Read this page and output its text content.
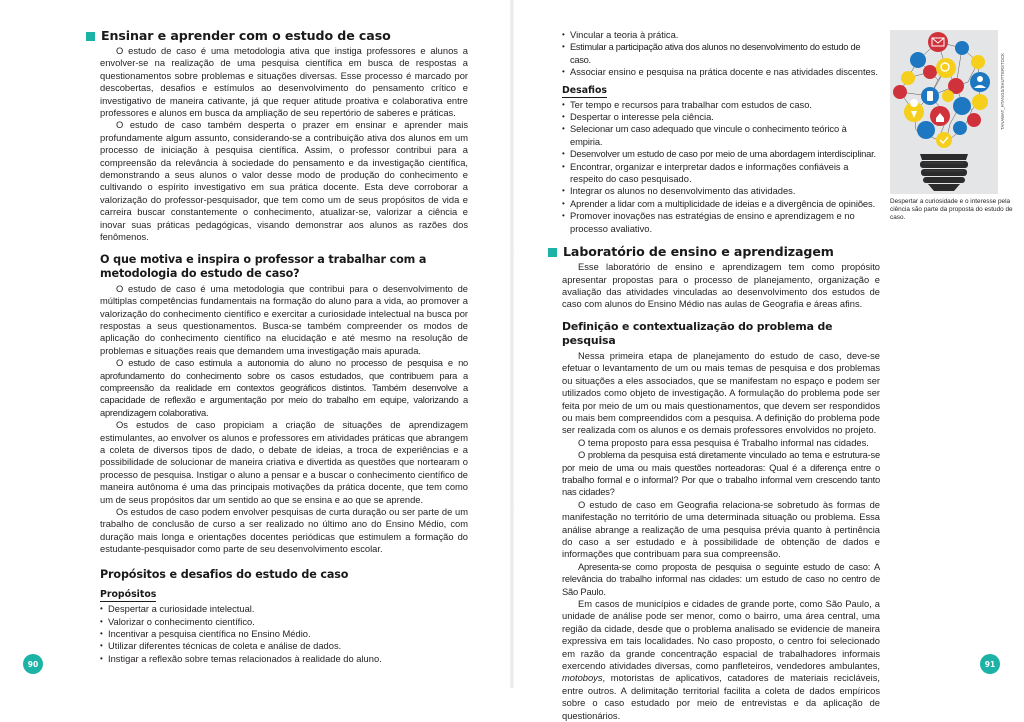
Ensinar e aprender com o estudo de caso

O estudo de caso é uma metodologia ativa que instiga professores e alunos a envolver-se na realização de uma pesquisa científica em busca de respostas a questionamentos sobre problemas e situações diversas. Esse processo é marcado por descobertas, desafios e estímulos ao desenvolvimento do pensamento crítico e investigativo de maneira cativante, já que requer atitude proativa e colaborativa entre professores e alunos em busca da ampliação de seu repertório de saberes e práticas.

O estudo de caso também desperta o prazer em ensinar e aprender mais profundamente algum assunto, considerando-se a contribuição ativa dos alunos em um processo de iniciação à pesquisa científica. Assim, o professor contribui para a compreensão da relevância à sociedade do pensamento e da investigação científica, demonstrando a seus alunos o valor desse modo de produção do conhecimento e cultivando o espírito investigativo em sua prática docente. Esta deve corroborar a valorização do professor-pesquisador, que tem como um de seus propósitos de vida e carreira buscar constantemente o conhecimento, atualizar-se, valorizar a ciência e inovar suas práticas pedagógicas, visando demonstrar aos alunos as razões dos fenômenos.

O que motiva e inspira o professor a trabalhar com a metodologia do estudo de caso?

O estudo de caso é uma metodologia que contribui para o desenvolvimento de múltiplas competências fundamentais na formação do aluno para a vida, ao promover a valorização do conhecimento científico e exercitar a curiosidade intelectual na busca por respostas a seus questionamentos. Busca-se também compreender os modos de aplicação do conhecimento científico na elucidação e até mesmo na resolução de problemas e situações reais que demandem uma investigação mais apurada.

O estudo de caso estimula a autonomia do aluno no processo de pesquisa e no aprofundamento do conhecimento sobre os casos estudados, que contribuem para a compreensão da realidade em contextos geográficos distintos. Também desenvolve a capacidade de reflexão e argumentação por meio do trabalho em equipe, valorizando a aprendizagem colaborativa.

Os estudos de caso propiciam a criação de situações de aprendizagem estimulantes, ao envolver os alunos e professores em atividades práticas que abrangem a coleta de diversos tipos de dado, o debate de ideias, a troca de experiências e a possibilidade de solucionar de maneira criativa e divertida as questões que nortearam o processo de pesquisa. Instigar o aluno a pensar e a buscar o conhecimento científico de maneira autônoma é uma das principais motivações da prática docente, que tem como um de seus propósitos dar um sentido ao que se ensina e ao que se aprende.

Os estudos de caso podem envolver pesquisas de curta duração ou ser parte de um trabalho de conclusão de curso a ser realizado no último ano do Ensino Médio, com duração mais longa e orientações docentes periódicas que estimulem a formação do estudante-pesquisador como parte de seu desenvolvimento escolar.

Propósitos e desafios do estudo de caso
Propósitos
• Despertar a curiosidade intelectual.
• Valorizar o conhecimento científico.
• Incentivar a pesquisa científica no Ensino Médio.
• Utilizar diferentes técnicas de coleta e análise de dados.
• Instigar a reflexão sobre temas relacionados à realidade do aluno.
90
• Vincular a teoria à prática.
• Estimular a participação ativa dos alunos no desenvolvimento do estudo de caso.
• Associar ensino e pesquisa na prática docente e nas atividades discentes.
Desafios
• Ter tempo e recursos para trabalhar com estudos de caso.
• Despertar o interesse pela ciência.
• Selecionar um caso adequado que vincule o conhecimento teórico à empiria.
• Desenvolver um estudo de caso por meio de uma abordagem interdisciplinar.
• Encontrar, organizar e interpretar dados e informações confiáveis a respeito do caso pesquisado.
• Integrar os alunos no desenvolvimento das atividades.
• Aprender a lidar com a multiplicidade de ideias e a divergência de opiniões.
• Promover inovações nas estratégias de ensino e aprendizagem e no processo avaliativo.
Laboratório de ensino e aprendizagem

Esse laboratório de ensino e aprendizagem tem como propósito apresentar propostas para o processo de planejamento, organização e avaliação das atividades vinculadas ao desenvolvimento dos estudos de caso com alunos do Ensino Médio nas aulas de Geografia e áreas afins.

Definição e contextualização do problema de pesquisa

Nessa primeira etapa de planejamento do estudo de caso, deve-se efetuar o levantamento de um ou mais temas de pesquisa e dos problemas ou situações a eles associados, que se manifestam no espaço e podem ser utilizados como objeto de investigação. A formulação do problema pode ser feita por meio de um ou mais questionamentos, que devem ser respondidos ou mais bem compreendidos com a pesquisa. A definição do problema pode ser realizada com os alunos e os demais professores envolvidos no projeto.

O tema proposto para essa pesquisa é Trabalho informal nas cidades.

O problema da pesquisa está diretamente vinculado ao tema e estrutura-se por meio de uma ou mais questões norteadoras: Qual é a diferença entre o trabalho formal e o informal? Por que o trabalho informal vem crescendo tanto nas cidades?

O estudo de caso em Geografia relaciona-se sobretudo às formas de manifestação no território de uma determinada situação ou problema. Essa análise abrange a realização de uma pesquisa prévia quanto à pertinência do caso a ser estudado e à possibilidade de obtenção de dados e informações que contribuam para sua compreensão.

Apresenta-se como proposta de pesquisa o seguinte estudo de caso: A relevância do trabalho informal nas cidades: um estudo de caso no centro de São Paulo.

Em casos de municípios e cidades de grande porte, como São Paulo, a unidade de análise pode ser menor, como o bairro, uma área central, uma região da cidade, desde que o problema analisado se evidencie de maneira expressiva em tais localidades. No caso proposto, o centro foi selecionado em razão da grande concentração espacial de trabalhadores informais exercendo atividades diversas, como panfleteiros, vendedores ambulantes, motoboys, motoristas de aplicativos, catadores de materiais recicláveis, entre outros. A delimitação territorial facilita a coleta de dados empíricos sobre o caso estudado por meio de entrevistas e da aplicação de questionários.

TANAWAT_HTANGS/SHUTTERSTOCK
Despertar a curiosidade e o interesse pela ciência são parte da proposta do estudo de caso.
91
